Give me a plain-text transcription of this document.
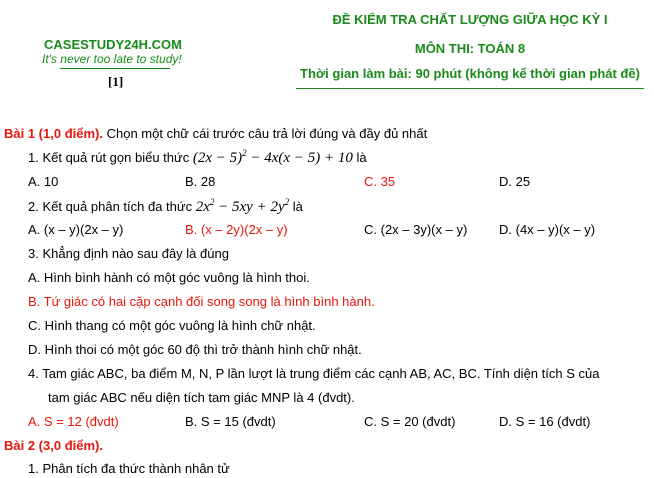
CASESTUDY24H.COM
It's never too late to study!
[1]
ĐỀ KIỂM TRA CHẤT LƯỢNG GIỮA HỌC KỲ I
MÔN THI: TOÁN 8
Thời gian làm bài: 90 phút (không kể thời gian phát đề)
Bài 1 (1,0 điểm). Chọn một chữ cái trước câu trả lời đúng và đầy đủ nhất
1. Kết quả rút gọn biểu thức $(2x - 5)^2 - 4x(x - 5) + 10$ là
A. 10	B. 28	C. 35	D. 25
2. Kết quả phân tích đa thức $2x^2 - 5xy + 2y^2$ là
A. (x – y)(2x – y)	B. (x – 2y)(2x – y)	C. (2x – 3y)(x – y) D. (4x – y)(x – y)
3. Khẳng định nào sau đây là đúng
A. Hình bình hành có một góc vuông là hình thoi.
B. Tứ giác có hai cặp cạnh đối song song là hình bình hành.
C. Hình thang có một góc vuông là hình chữ nhật.
D. Hình thoi có một góc 60 độ thì trở thành hình chữ nhật.
4. Tam giác ABC, ba điểm M, N, P lần lượt là trung điểm các cạnh AB, AC, BC. Tính diện tích S của
tam giác ABC nếu diện tích tam giác MNP là 4 (đvdt).
A. S = 12 (đvdt)	B. S = 15 (đvdt)	C. S = 20 (đvdt)	D. S = 16 (đvdt)
Bài 2 (3,0 điểm).
1. Phân tích đa thức thành nhân tử
